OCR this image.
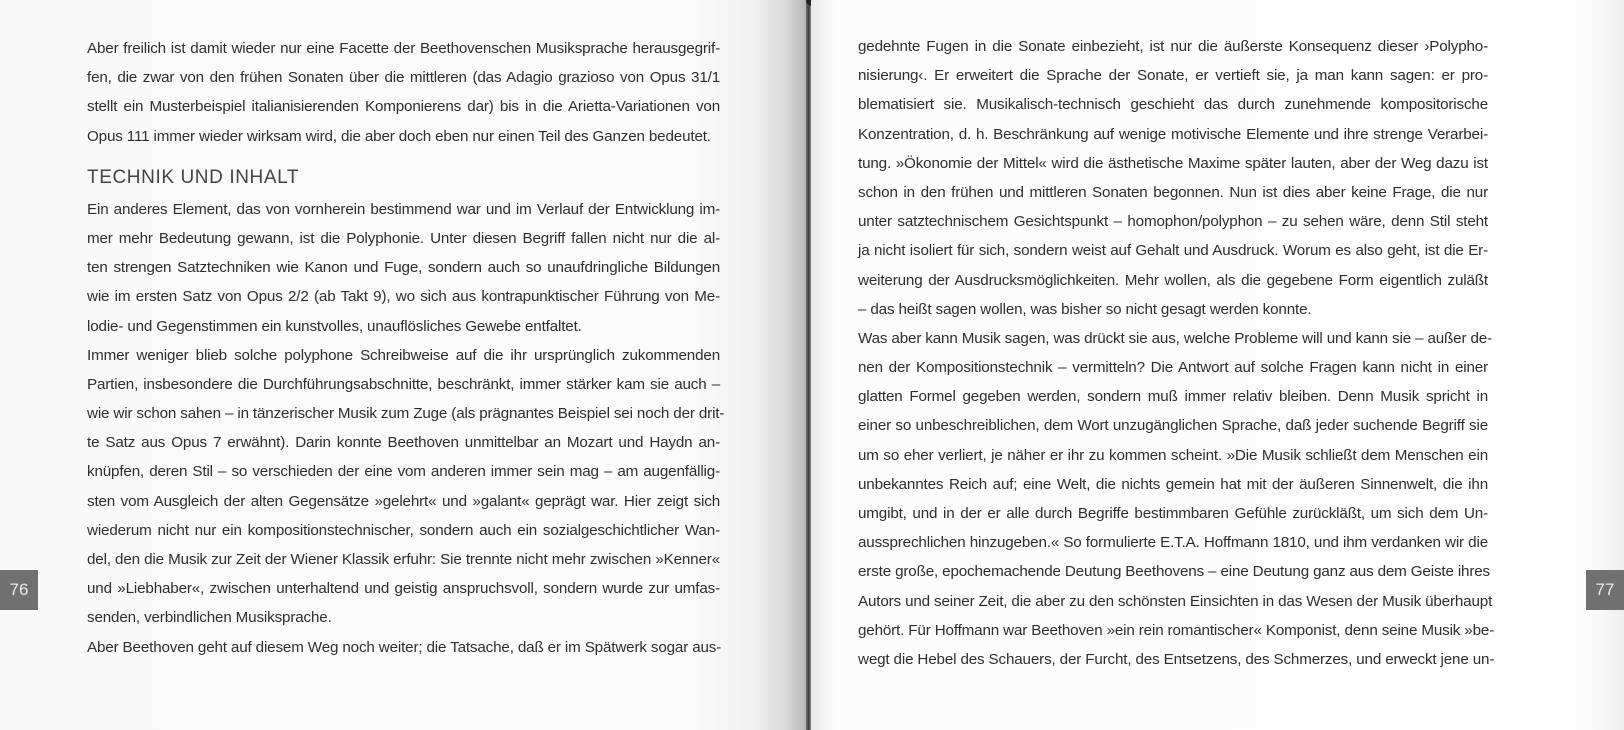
Aber freilich ist damit wieder nur eine Facette der Beethovenschen Musiksprache herausgegrif-
fen, die zwar von den frühen Sonaten über die mittleren (das Adagio grazioso von Opus 31/1
stellt ein Musterbeispiel italianisierenden Komponierens dar) bis in die Arietta-Variationen von
Opus 111 immer wieder wirksam wird, die aber doch eben nur einen Teil des Ganzen bedeutet.
TECHNIK UND INHALT
Ein anderes Element, das von vornherein bestimmend war und im Verlauf der Entwicklung im-
mer mehr Bedeutung gewann, ist die Polyphonie. Unter diesen Begriff fallen nicht nur die al-
ten strengen Satztechniken wie Kanon und Fuge, sondern auch so unaufdringliche Bildungen
wie im ersten Satz von Opus 2/2 (ab Takt 9), wo sich aus kontrapunktischer Führung von Me-
lodie- und Gegenstimmen ein kunstvolles, unauflösliches Gewebe entfaltet.
Immer weniger blieb solche polyphone Schreibweise auf die ihr ursprünglich zukommenden
Partien, insbesondere die Durchführungsabschnitte, beschränkt, immer stärker kam sie auch –
wie wir schon sahen – in tänzerischer Musik zum Zuge (als prägnantes Beispiel sei noch der drit-
te Satz aus Opus 7 erwähnt). Darin konnte Beethoven unmittelbar an Mozart und Haydn an-
knüpfen, deren Stil – so verschieden der eine vom anderen immer sein mag – am augenfällig-
sten vom Ausgleich der alten Gegensätze »gelehrt« und »galant« geprägt war. Hier zeigt sich
wiederum nicht nur ein kompositionstechnischer, sondern auch ein sozialgeschichtlicher Wan-
del, den die Musik zur Zeit der Wiener Klassik erfuhr: Sie trennte nicht mehr zwischen »Kenner«
und »Liebhaber«, zwischen unterhaltend und geistig anspruchsvoll, sondern wurde zur umfas-
senden, verbindlichen Musiksprache.
Aber Beethoven geht auf diesem Weg noch weiter; die Tatsache, daß er im Spätwerk sogar aus-
76
gedehnte Fugen in die Sonate einbezieht, ist nur die äußerste Konsequenz dieser ›Polypho-
nisierung‹. Er erweitert die Sprache der Sonate, er vertieft sie, ja man kann sagen: er pro-
blematisiert sie. Musikalisch-technisch geschieht das durch zunehmende kompositorische
Konzentration, d. h. Beschränkung auf wenige motivische Elemente und ihre strenge Verarbei-
tung. »Ökonomie der Mittel« wird die ästhetische Maxime später lauten, aber der Weg dazu ist
schon in den frühen und mittleren Sonaten begonnen. Nun ist dies aber keine Frage, die nur
unter satztechnischem Gesichtspunkt – homophon/polyphon – zu sehen wäre, denn Stil steht
ja nicht isoliert für sich, sondern weist auf Gehalt und Ausdruck. Worum es also geht, ist die Er-
weiterung der Ausdrucksmöglichkeiten. Mehr wollen, als die gegebene Form eigentlich zuläßt
– das heißt sagen wollen, was bisher so nicht gesagt werden konnte.
Was aber kann Musik sagen, was drückt sie aus, welche Probleme will und kann sie – außer de-
nen der Kompositionstechnik – vermitteln? Die Antwort auf solche Fragen kann nicht in einer
glatten Formel gegeben werden, sondern muß immer relativ bleiben. Denn Musik spricht in
einer so unbeschreiblichen, dem Wort unzugänglichen Sprache, daß jeder suchende Begriff sie
um so eher verliert, je näher er ihr zu kommen scheint. »Die Musik schließt dem Menschen ein
unbekanntes Reich auf; eine Welt, die nichts gemein hat mit der äußeren Sinnenwelt, die ihn
umgibt, und in der er alle durch Begriffe bestimmbaren Gefühle zurückläßt, um sich dem Un-
aussprechlichen hinzugeben.« So formulierte E.T.A. Hoffmann 1810, und ihm verdanken wir die
erste große, epochemachende Deutung Beethovens – eine Deutung ganz aus dem Geiste ihres
Autors und seiner Zeit, die aber zu den schönsten Einsichten in das Wesen der Musik überhaupt
gehört. Für Hoffmann war Beethoven »ein rein romantischer« Komponist, denn seine Musik »be-
wegt die Hebel des Schauers, der Furcht, des Entsetzens, des Schmerzes, und erweckt jene un-
77
